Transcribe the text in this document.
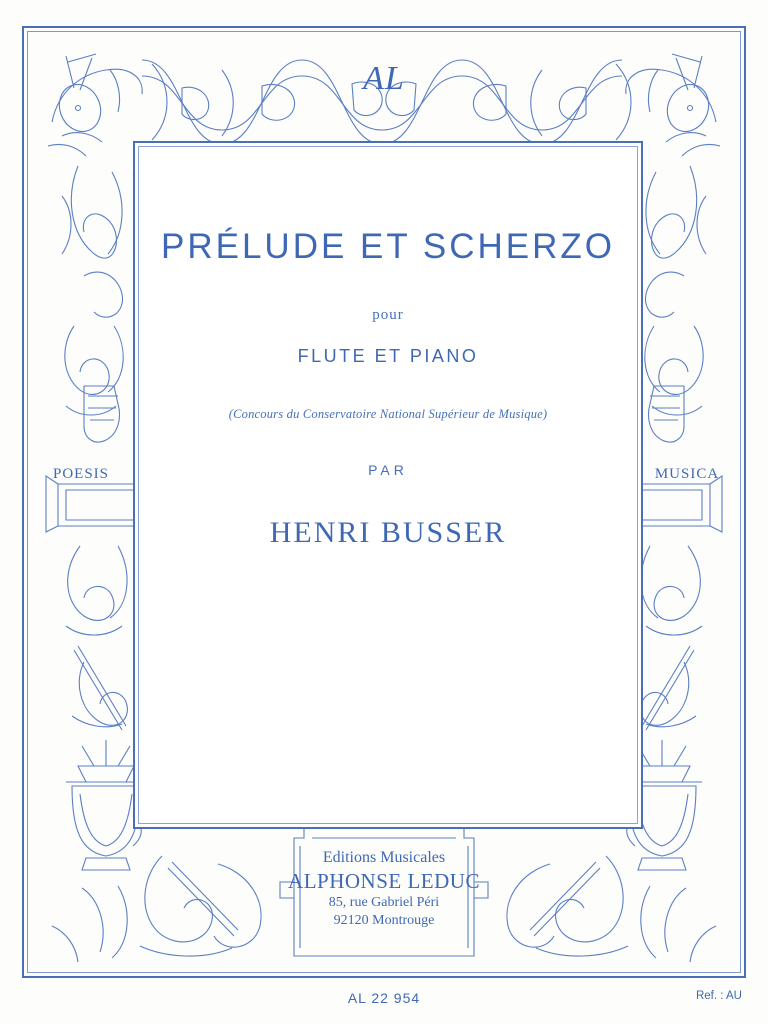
AL
PRÉLUDE ET SCHERZO
pour
FLUTE ET PIANO
(Concours du Conservatoire National Supérieur de Musique)
PAR
HENRI BUSSER
POESIS	MUSICA
Editions Musicales
ALPHONSE LEDUC
85, rue Gabriel Péri
92120 Montrouge
AL 22 954	Ref. : AU
